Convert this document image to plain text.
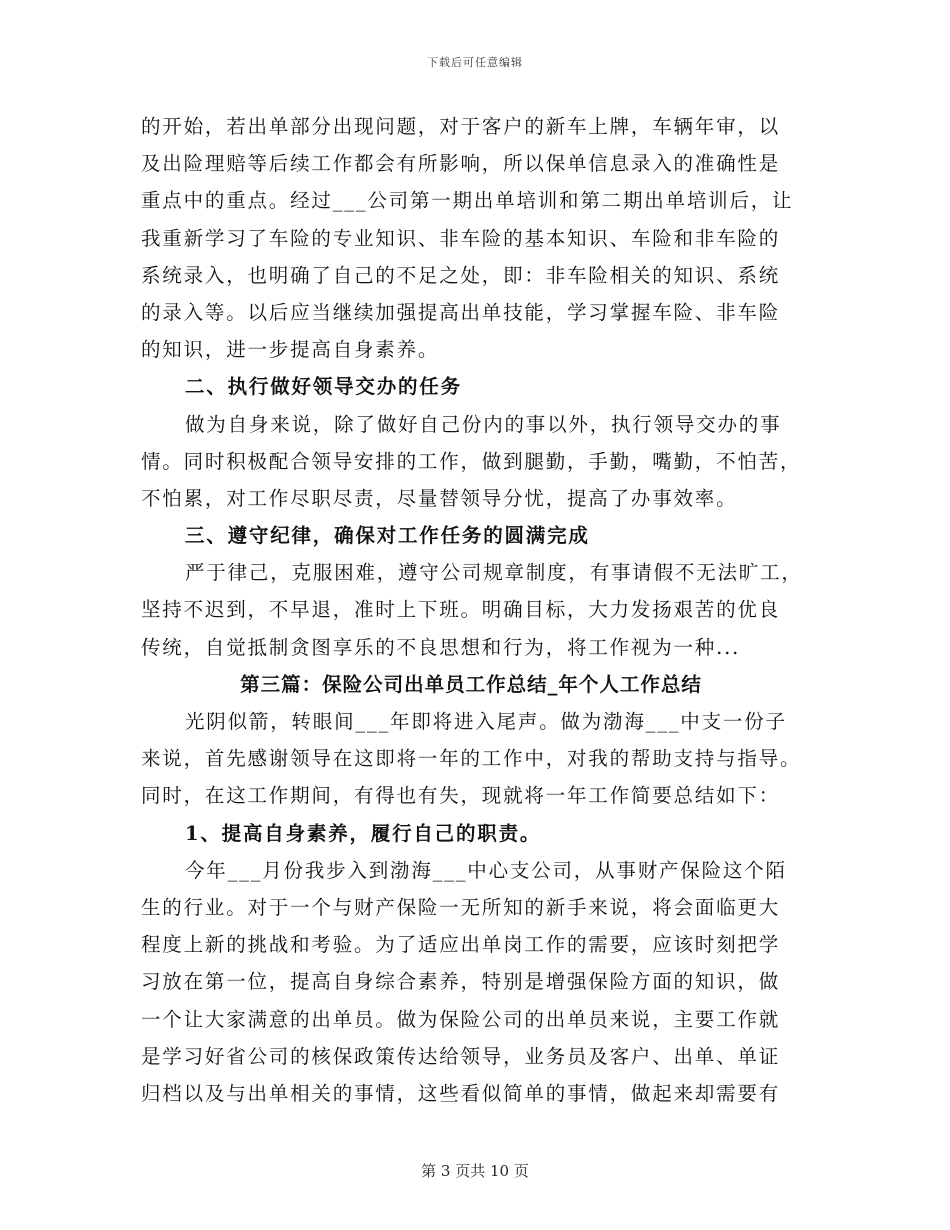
下载后可任意编辑
的开始，若出单部分出现问题，对于客户的新车上牌，车辆年审，以
及出险理赔等后续工作都会有所影响，所以保单信息录入的准确性是
重点中的重点。经过___公司第一期出单培训和第二期出单培训后，让
我重新学习了车险的专业知识、非车险的基本知识、车险和非车险的
系统录入，也明确了自己的不足之处，即：非车险相关的知识、系统
的录入等。以后应当继续加强提高出单技能，学习掌握车险、非车险
的知识，进一步提高自身素养。
二、执行做好领导交办的任务
做为自身来说，除了做好自己份内的事以外，执行领导交办的事
情。同时积极配合领导安排的工作，做到腿勤，手勤，嘴勤，不怕苦，
不怕累，对工作尽职尽责，尽量替领导分忧，提高了办事效率。
三、遵守纪律，确保对工作任务的圆满完成
严于律己，克服困难，遵守公司规章制度，有事请假不无法旷工，
坚持不迟到，不早退，准时上下班。明确目标，大力发扬艰苦的优良
传统，自觉抵制贪图享乐的不良思想和行为，将工作视为一种...
第三篇：保险公司出单员工作总结_年个人工作总结
光阴似箭，转眼间___年即将进入尾声。做为渤海___中支一份子
来说，首先感谢领导在这即将一年的工作中，对我的帮助支持与指导。
同时，在这工作期间，有得也有失，现就将一年工作简要总结如下：
1、提高自身素养，履行自己的职责。
今年___月份我步入到渤海___中心支公司，从事财产保险这个陌
生的行业。对于一个与财产保险一无所知的新手来说，将会面临更大
程度上新的挑战和考验。为了适应出单岗工作的需要，应该时刻把学
习放在第一位，提高自身综合素养，特别是增强保险方面的知识，做
一个让大家满意的出单员。做为保险公司的出单员来说，主要工作就
是学习好省公司的核保政策传达给领导，业务员及客户、出单、单证
归档以及与出单相关的事情，这些看似简单的事情，做起来却需要有
第 3 页共 10 页
